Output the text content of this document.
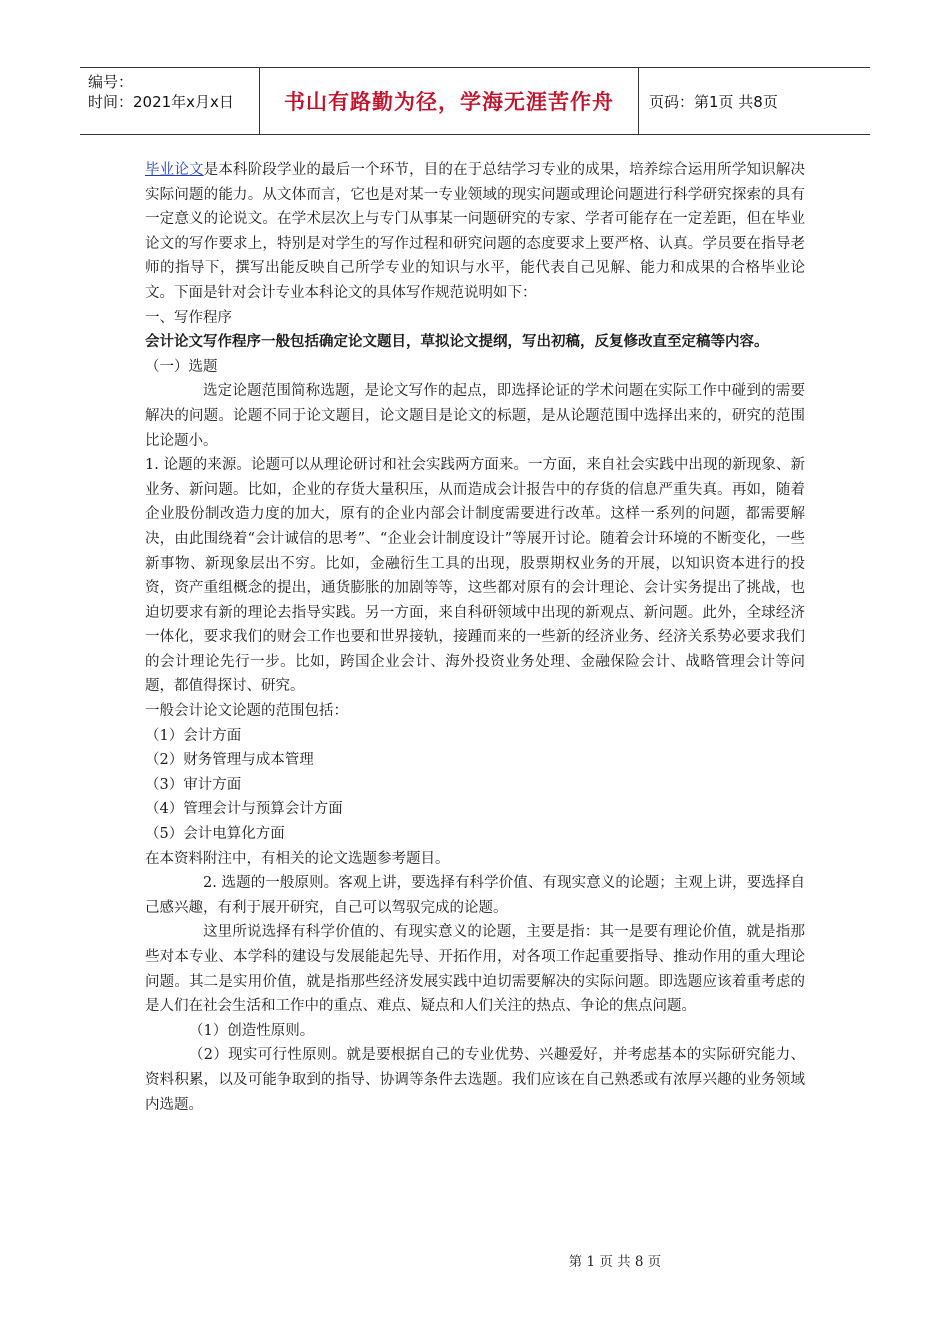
编号：
时间：2021年x月x日	书山有路勤为径，学海无涯苦作舟	页码：第1页 共8页

毕业论文是本科阶段学业的最后一个环节，目的在于总结学习专业的成果，培养综合运用所学知识解决实际问题的能力。从文体而言，它也是对某一专业领域的现实问题或理论问题进行科学研究探索的具有一定意义的论说文。在学术层次上与专门从事某一问题研究的专家、学者可能存在一定差距，但在毕业论文的写作要求上，特别是对学生的写作过程和研究问题的态度要求上要严格、认真。学员要在指导老师的指导下，撰写出能反映自己所学专业的知识与水平，能代表自己见解、能力和成果的合格毕业论文。下面是针对会计专业本科论文的具体写作规范说明如下：

一、写作程序

会计论文写作程序一般包括确定论文题目，草拟论文提纲，写出初稿，反复修改直至定稿等内容。

（一）选题

选定论题范围简称选题，是论文写作的起点，即选择论证的学术问题在实际工作中碰到的需要解决的问题。论题不同于论文题目，论文题目是论文的标题，是从论题范围中选择出来的，研究的范围比论题小。

1. 论题的来源。论题可以从理论研讨和社会实践两方面来。一方面，来自社会实践中出现的新现象、新业务、新问题。比如，企业的存货大量积压，从而造成会计报告中的存货的信息严重失真。再如，随着企业股份制改造力度的加大，原有的企业内部会计制度需要进行改革。这样一系列的问题，都需要解决，由此围绕着“会计诚信的思考”、“企业会计制度设计”等展开讨论。随着会计环境的不断变化，一些新事物、新现象层出不穷。比如，金融衍生工具的出现，股票期权业务的开展，以知识资本进行的投资，资产重组概念的提出，通货膨胀的加剧等等，这些都对原有的会计理论、会计实务提出了挑战，也迫切要求有新的理论去指导实践。另一方面，来自科研领域中出现的新观点、新问题。此外，全球经济一体化，要求我们的财会工作也要和世界接轨，接踵而来的一些新的经济业务、经济关系势必要求我们的会计理论先行一步。比如，跨国企业会计、海外投资业务处理、金融保险会计、战略管理会计等问题，都值得探讨、研究。

一般会计论文论题的范围包括：

（1）会计方面

（2）财务管理与成本管理

（3）审计方面

（4）管理会计与预算会计方面

（5）会计电算化方面

在本资料附注中，有相关的论文选题参考题目。

2. 选题的一般原则。客观上讲，要选择有科学价值、有现实意义的论题；主观上讲，要选择自己感兴趣，有利于展开研究，自己可以驾驭完成的论题。

这里所说选择有科学价值的、有现实意义的论题，主要是指：其一是要有理论价值，就是指那些对本专业、本学科的建设与发展能起先导、开拓作用，对各项工作起重要指导、推动作用的重大理论问题。其二是实用价值，就是指那些经济发展实践中迫切需要解决的实际问题。即选题应该着重考虑的是人们在社会生活和工作中的重点、难点、疑点和人们关注的热点、争论的焦点问题。

（1）创造性原则。

（2）现实可行性原则。就是要根据自己的专业优势、兴趣爱好，并考虑基本的实际研究能力、资料积累，以及可能争取到的指导、协调等条件去选题。我们应该在自己熟悉或有浓厚兴趣的业务领域内选题。

第 1 页 共 8 页
